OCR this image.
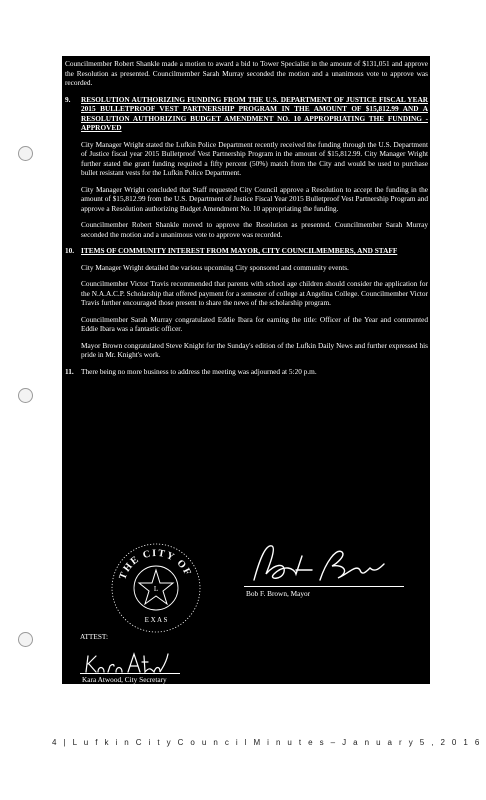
Councilmember Robert Shankle made a motion to award a bid to Tower Specialist in the amount of $131,051 and approve the Resolution as presented. Councilmember Sarah Murray seconded the motion and a unanimous vote to approve was recorded.

9.	RESOLUTION AUTHORIZING FUNDING FROM THE U.S. DEPARTMENT OF JUSTICE FISCAL YEAR 2015 BULLETPROOF VEST PARTNERSHIP PROGRAM IN THE AMOUNT OF $15,812.99 AND A RESOLUTION AUTHORIZING BUDGET AMENDMENT NO. 10 APPROPRIATING THE FUNDING - APPROVED

City Manager Wright stated the Lufkin Police Department recently received the funding through the U.S. Department of Justice fiscal year 2015 Bulletproof Vest Partnership Program in the amount of $15,812.99. City Manager Wright further stated the grant funding required a fifty percent (50%) match from the City and would be used to purchase bullet resistant vests for the Lufkin Police Department.

City Manager Wright concluded that Staff requested City Council approve a Resolution to accept the funding in the amount of $15,812.99 from the U.S. Department of Justice Fiscal Year 2015 Bulletproof Vest Partnership Program and approve a Resolution authorizing Budget Amendment No. 10 appropriating the funding.

Councilmember Robert Shankle moved to approve the Resolution as presented. Councilmember Sarah Murray seconded the motion and a unanimous vote to approve was recorded.

10. ITEMS OF COMMUNITY INTEREST FROM MAYOR, CITY COUNCILMEMBERS, AND STAFF

City Manager Wright detailed the various upcoming City sponsored and community events.

Councilmember Victor Travis recommended that parents with school age children should consider the application for the N.A.A.C.P. Scholarship that offered payment for a semester of college at Angelina College. Councilmember Victor Travis further encouraged those present to share the news of the scholarship program.

Councilmember Sarah Murray congratulated Eddie Ibara for earning the title: Officer of the Year and commented Eddie Ibara was a fantastic officer.

Mayor Brown congratulated Steve Knight for the Sunday's edition of the Lufkin Daily News and further expressed his pride in Mr. Knight's work.

11. There being no more business to address the meeting was adjourned at 5:20 p.m.

THE CITY OF
L
E X A S
Bob F. Brown, Mayor
ATTEST:
Kara Atwood, City Secretary
4 | L u f k i n C i t y C o u n c i l M i n u t e s – J a n u a r y 5 , 2 0 1 6
